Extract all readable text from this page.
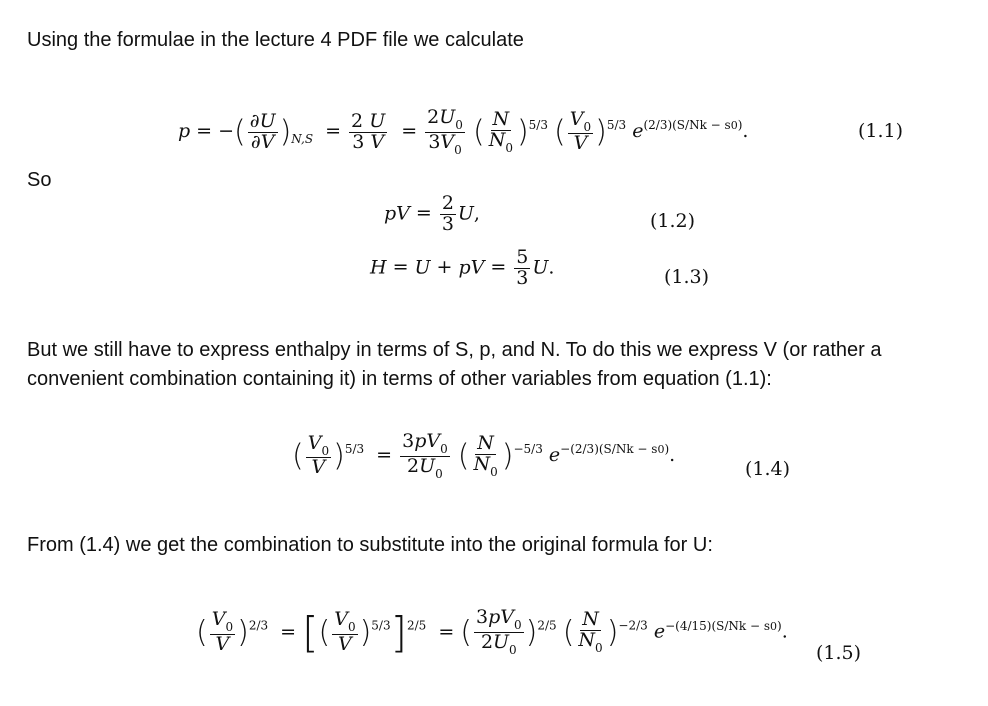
Using the formulae in the lecture 4 PDF file we calculate
p = −( $\frac{\partial U}{\partial V} )_{N,S} = \frac{2 U}{3 V} = \frac{2U_0}{3V_0}$ ( $\frac{N}{N_0} )^{5/3}$ ( $\frac{V_0}{V} )^{5/3}$ $e^{(2/3)(S/Nk - s0)}$.	(1.1)
So
pV = $\frac{2}{3} U$,	(1.2)
H = U + pV = $\frac{5}{3} U$.	(1.3)
But we still have to express enthalpy in terms of S, p, and N. To do this we express V (or rather a
convenient combination containing it) in terms of other variables from equation (1.1):
( $\frac{V_0}{V} )^{5/3} = \frac{3pV_0}{2U_0}$ ( $\frac{N}{N_0} )^{-5/3}$ $e^{-(2/3)(S/Nk - s0)}$.
(1.4)
From (1.4) we get the combination to substitute into the original formula for U:
( $\frac{V_0}{V} )^{2/3}$ = [( $\frac{V_0}{V} )^{5/3}]^{2/5}$ = ( $\frac{3pV_0}{2U_0} )^{2/5}$ ( $\frac{N}{N_0} )^{-2/3}$ $e^{-(4/15)(S/Nk - s0)}$.
(1.5)
